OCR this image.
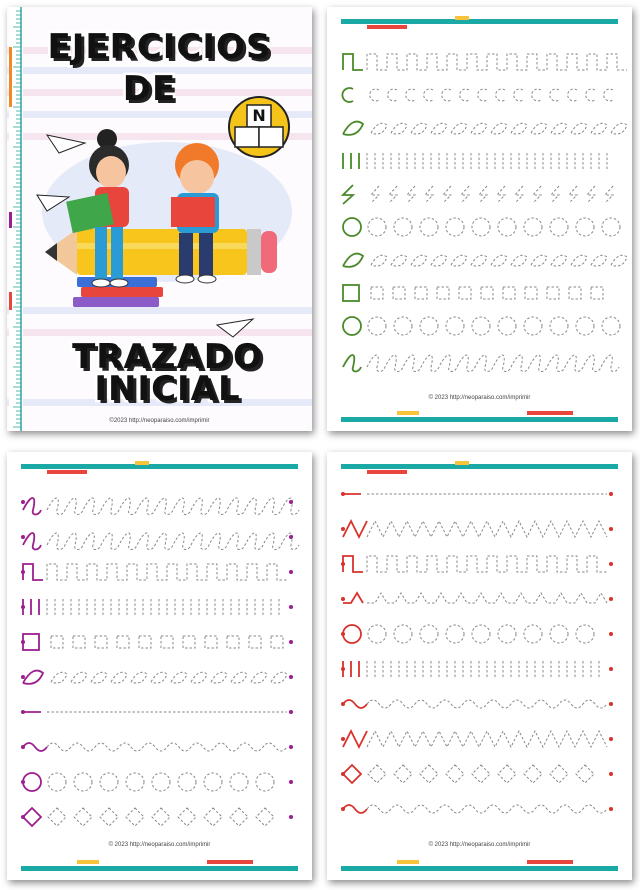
N
EJERCICIOS
DE
TRAZADO
INICIAL
©2023 http://neoparaiso.com/imprimir
© 2023 http://neoparaiso.com/imprimir
© 2023 http://neoparaiso.com/imprimir	© 2023 http://neoparaiso.com/imprimir
